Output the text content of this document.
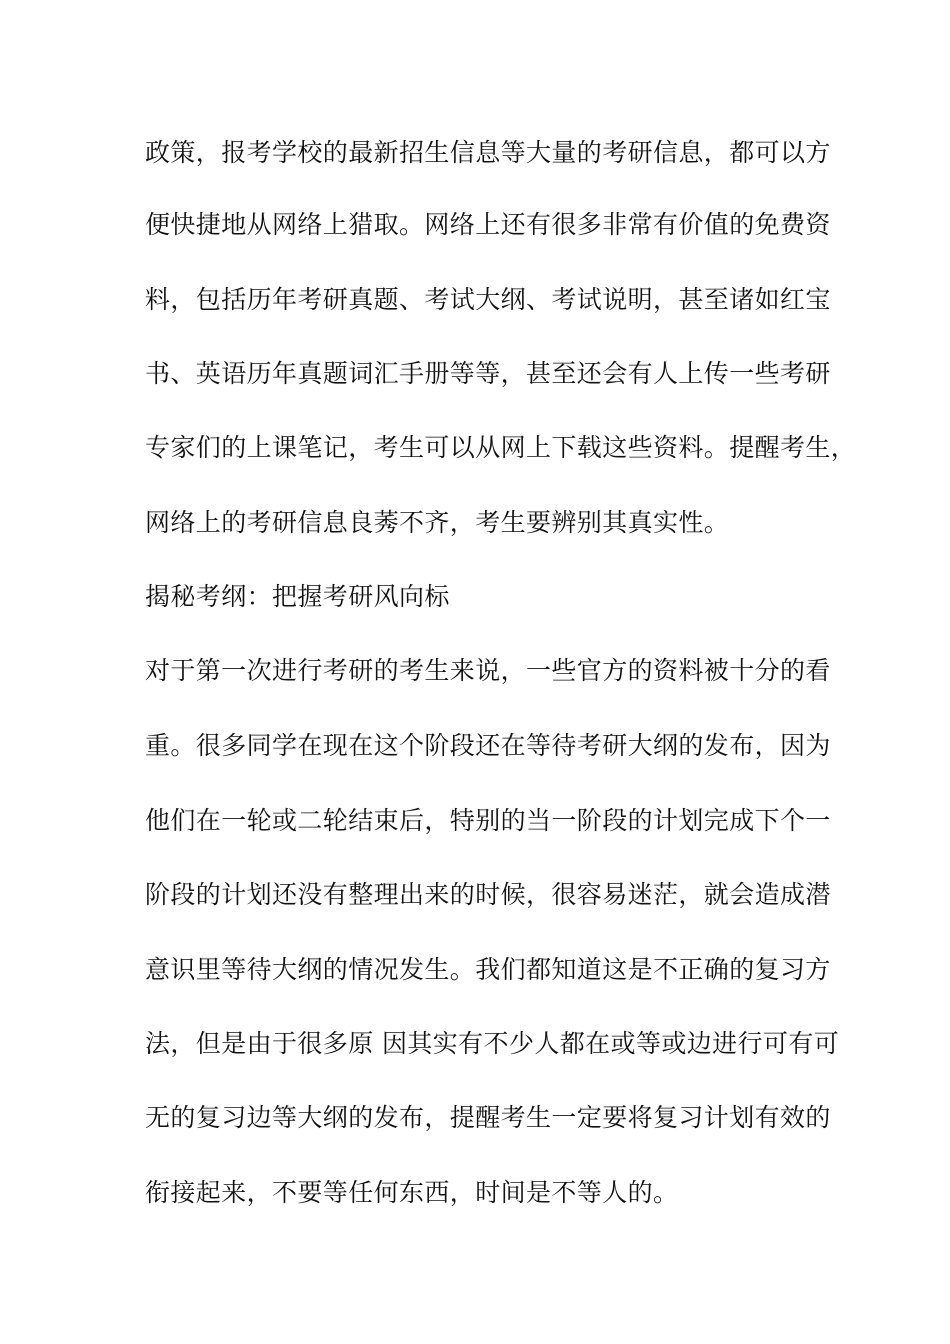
政策，报考学校的最新招生信息等大量的考研信息，都可以方

便快捷地从网络上猎取。网络上还有很多非常有价值的免费资

料，包括历年考研真题、考试大纲、考试说明，甚至诸如红宝

书、英语历年真题词汇手册等等，甚至还会有人上传一些考研

专家们的上课笔记，考生可以从网上下载这些资料。提醒考生，

网络上的考研信息良莠不齐，考生要辨别其真实性。

揭秘考纲：把握考研风向标

对于第一次进行考研的考生来说，一些官方的资料被十分的看

重。很多同学在现在这个阶段还在等待考研大纲的发布，因为

他们在一轮或二轮结束后，特别的当一阶段的计划完成下个一

阶段的计划还没有整理出来的时候，很容易迷茫，就会造成潜

意识里等待大纲的情况发生。我们都知道这是不正确的复习方

法，但是由于很多原 因其实有不少人都在或等或边进行可有可

无的复习边等大纲的发布，提醒考生一定要将复习计划有效的

衔接起来，不要等任何东西，时间是不等人的。
